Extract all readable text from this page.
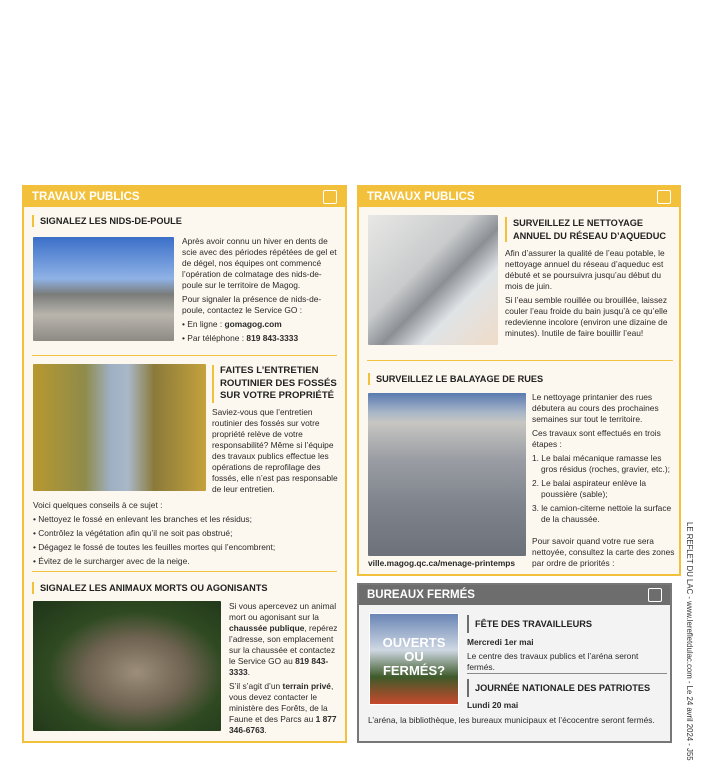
TRAVAUX PUBLICS
SIGNALEZ LES NIDS-DE-POULE

Après avoir connu un hiver en dents de scie avec des périodes répétées de gel et de dégel, nos équipes ont commencé l’opération de colmatage des nids-de-poule sur le territoire de Magog.

Pour signaler la présence de nids-de-poule, contactez le Service GO :

• En ligne : gomagog.com

• Par téléphone : 819 843-3333

FAITES L’ENTRETIEN ROUTINIER DES FOSSÉS SUR VOTRE PROPRIÉTÉ

Saviez-vous que l’entretien routinier des fossés sur votre propriété relève de votre responsabilité? Même si l’équipe des travaux publics effectue les opérations de reprofilage des fossés, elle n’est pas responsable de leur entretien.

Voici quelques conseils à ce sujet :

• Nettoyez le fossé en enlevant les branches et les résidus;
• Contrôlez la végétation afin qu’il ne soit pas obstrué;
• Dégagez le fossé de toutes les feuilles mortes qui l’encombrent;
• Évitez de le surcharger avec de la neige.
SIGNALEZ LES ANIMAUX MORTS OU AGONISANTS

Si vous apercevez un animal mort ou agonisant sur la chaussée publique, repérez l’adresse, son emplacement sur la chaussée et contactez le Service GO au 819 843-3333.

S’il s’agit d’un terrain privé, vous devez contacter le ministère des Forêts, de la Faune et des Parcs au 1 877 346-6763.

TRAVAUX PUBLICS
SURVEILLEZ LE NETTOYAGE ANNUEL DU RÉSEAU D’AQUEDUC

Afin d’assurer la qualité de l’eau potable, le nettoyage annuel du réseau d’aqueduc est débuté et se poursuivra jusqu’au début du mois de juin.

Si l’eau semble rouillée ou brouillée, laissez couler l’eau froide du bain jusqu’à ce qu’elle redevienne incolore (environ une dizaine de minutes). Inutile de faire bouillir l’eau!

SURVEILLEZ LE BALAYAGE DE RUES

Le nettoyage printanier des rues débutera au cours des prochaines semaines sur tout le territoire.

Ces travaux sont effectués en trois étapes :

1. Le balai mécanique ramasse les gros résidus (roches, gravier, etc.);
2. Le balai aspirateur enlève la poussière (sable);
3. le camion-citerne nettoie la surface de la chaussée.
Pour savoir quand votre rue sera nettoyée, consultez la carte des zones par ordre de priorités :
ville.magog.qc.ca/menage-printemps
BUREAUX FERMÉS
OUVERTS
OU
FERMÉS?
FÊTE DES TRAVAILLEURS

Mercredi 1er mai

Le centre des travaux publics et l’aréna seront fermés.

JOURNÉE NATIONALE DES PATRIOTES

Lundi 20 mai

L’aréna, la bibliothèque, les bureaux municipaux et l’écocentre seront fermés.	LE REFLET DU LAC - www.lerefletdulac.com - Le 24 avril 2024 - J55
